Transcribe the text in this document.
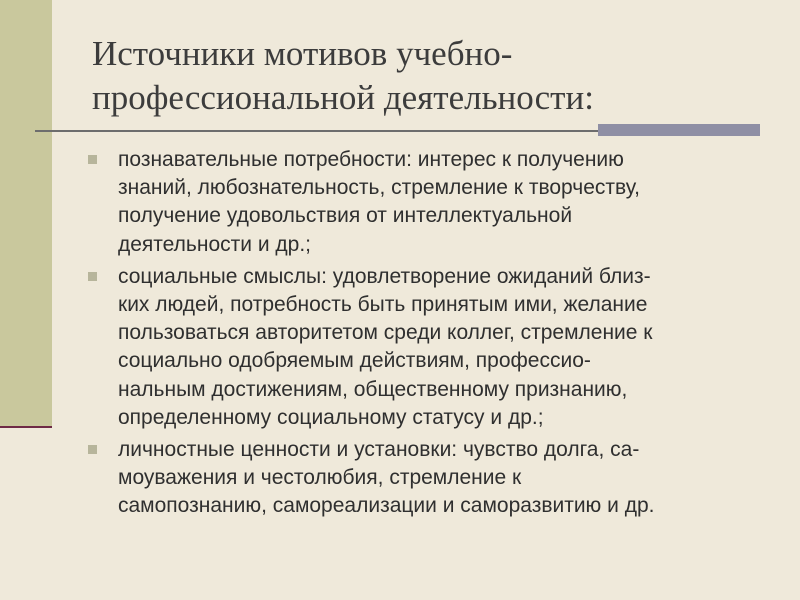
Источники мотивов учебно-
профессиональной деятельности:
познавательные потребности: интерес к получению
знаний, любознательность, стремление к творчеству,
получение удовольствия от интеллектуальной
деятельности и др.;
социальные смыслы: удовлетворение ожиданий близ-
ких людей, потребность быть принятым ими, желание
пользоваться авторитетом среди коллег, стремление к
социально одобряемым действиям, профессио-
нальным достижениям, общественному признанию,
определенному социальному статусу и др.;
личностные ценности и установки: чувство долга, са-
моуважения и честолюбия, стремление к
самопознанию, самореализации и саморазвитию и др.
